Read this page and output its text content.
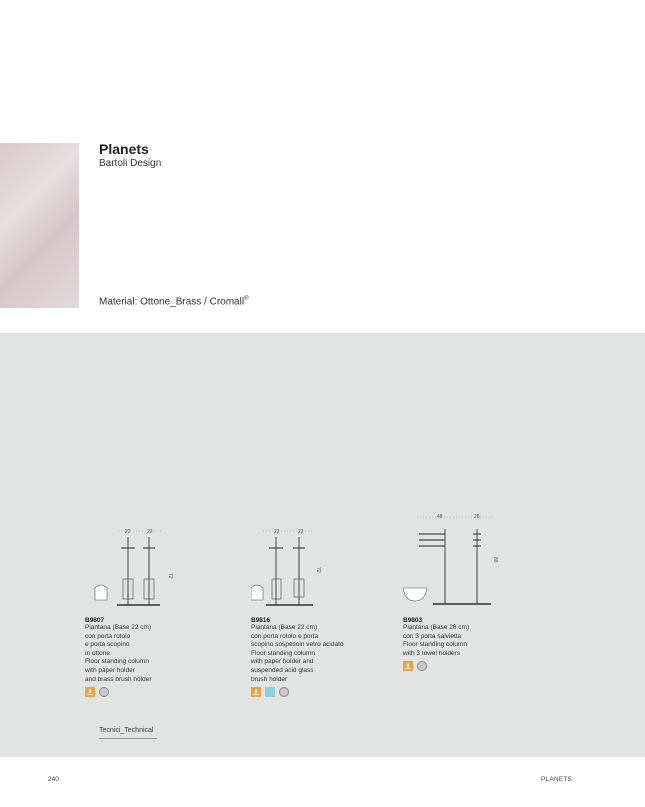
Planets
Bartoli Design
Material: Ottone_Brass / Cromall®
22	22
72
B9807
Piantana (Base 22 cm)
con porta rotolo
e porta scopino
in ottone
Floor standing column
with paper holder
and brass brush holder
22	22
72
B9816
Piantana (Base 22 cm)
con porta rotolo e porta
scopino sospesoin vetro acidato
Floor standing column
with paper holder and
suspended acid glass
brush holder
48	26
88
B9803
Piantana (Base 26 cm)
con 3 porta salvietta
Floor standing column
with 3 towel holders
Tecnici_Technical
240	PLANETS
